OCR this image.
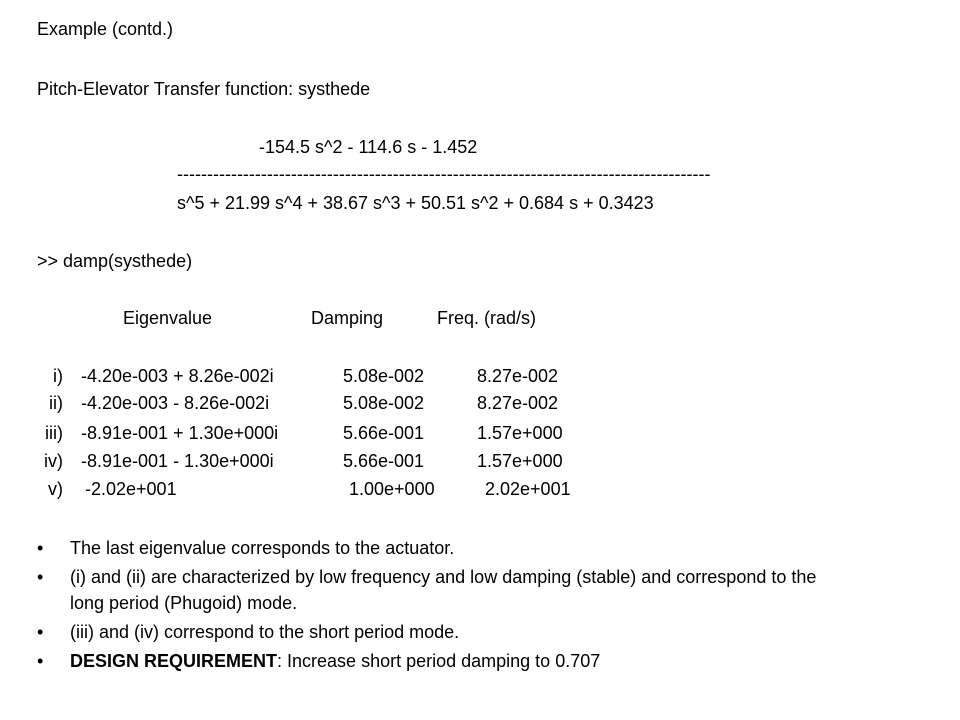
Example (contd.)
Pitch-Elevator Transfer function: systhede
-154.5 s^2 - 114.6 s - 1.452
-----------------------------------------------------------------------------------------
s^5 + 21.99 s^4 + 38.67 s^3 + 50.51 s^2 + 0.684 s + 0.3423
>> damp(systhede)
Eigenvalue	Damping	Freq. (rad/s)
i) -4.20e-003 + 8.26e-002i	5.08e-002	8.27e-002
ii) -4.20e-003 - 8.26e-002i	5.08e-002	8.27e-002
iii) -8.91e-001 + 1.30e+000i	5.66e-001	1.57e+000
iv) -8.91e-001 - 1.30e+000i	5.66e-001	1.57e+000
v) -2.02e+001	1.00e+000	2.02e+001
•	The last eigenvalue corresponds to the actuator.
•	(i) and (ii) are characterized by low frequency and low damping (stable) and correspond to the long period (Phugoid) mode.
•	(iii) and (iv) correspond to the short period mode.
•	DESIGN REQUIREMENT: Increase short period damping to 0.707
